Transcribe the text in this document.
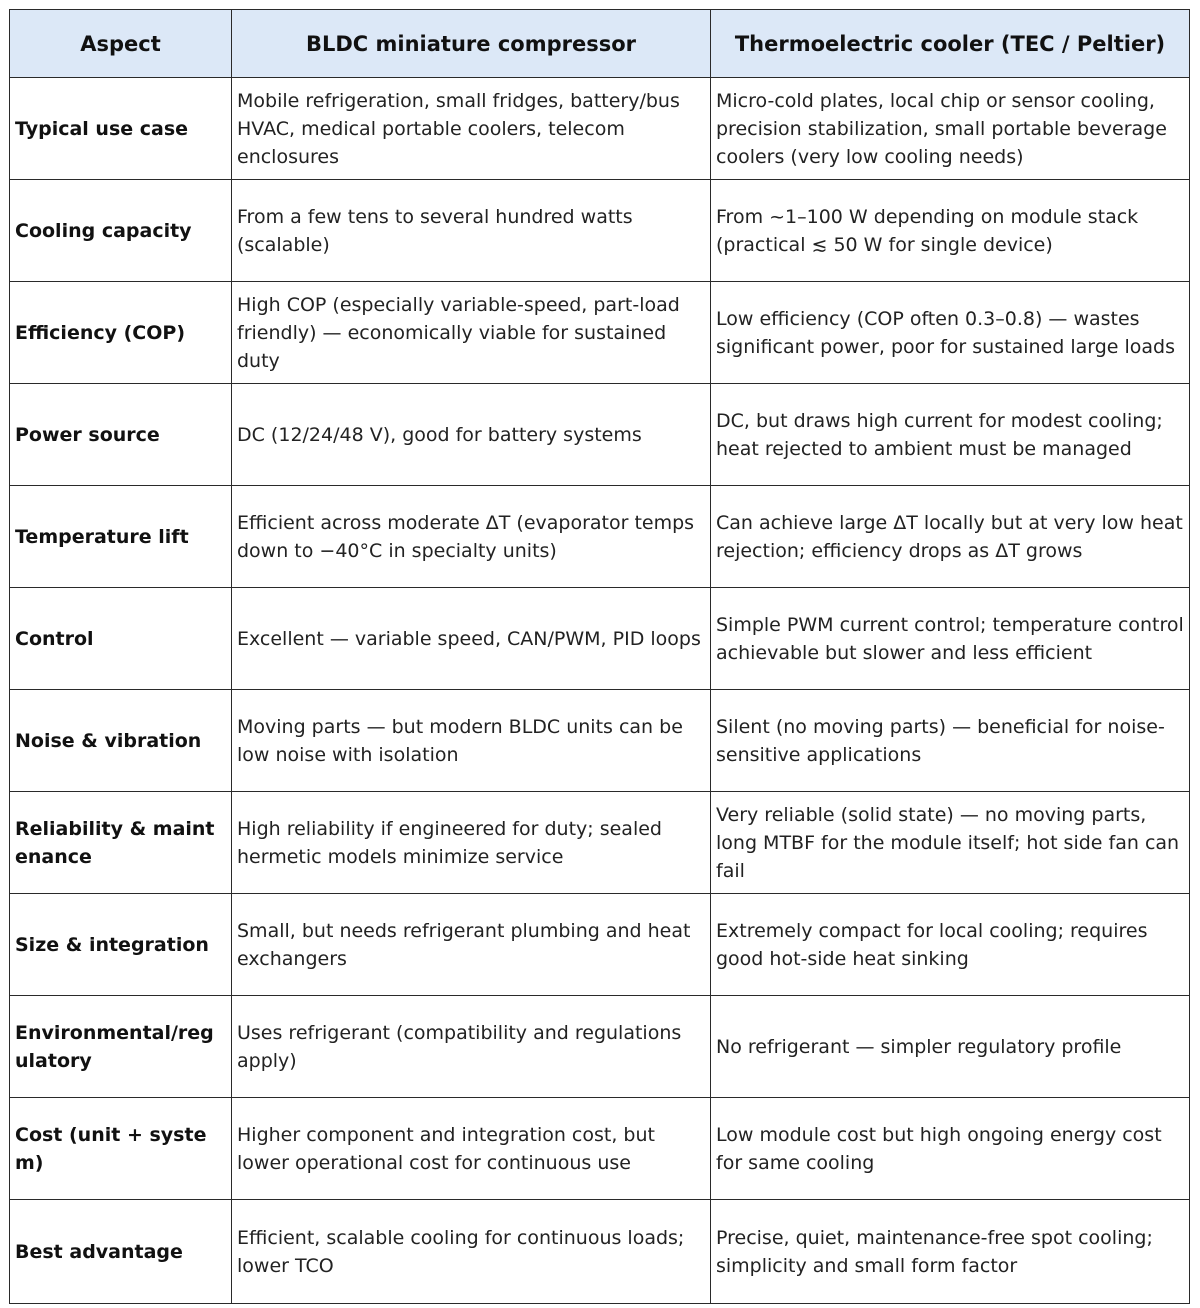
Aspect	BLDC miniature compressor	Thermoelectric cooler (TEC / Peltier)
Typical use case	Mobile refrigeration, small fridges, battery/bus HVAC, medical portable coolers, telecom enclosures	Micro-cold plates, local chip or sensor cooling, precision stabilization, small portable beverage coolers (very low cooling needs)
Cooling capacity	From a few tens to several hundred watts (scalable)	From ~1–100 W depending on module stack (practical ≲ 50 W for single device)
Efficiency (COP)	High COP (especially variable-speed, part-load friendly) — economically viable for sustained duty	Low efficiency (COP often 0.3–0.8) — wastes significant power, poor for sustained large loads
Power source	DC (12/24/48 V), good for battery systems	DC, but draws high current for modest cooling; heat rejected to ambient must be managed
Temperature lift	Efficient across moderate ΔT (evaporator temps down to −40°C in specialty units)	Can achieve large ΔT locally but at very low heat rejection; efficiency drops as ΔT grows
Control	Excellent — variable speed, CAN/PWM, PID loops	Simple PWM current control; temperature control achievable but slower and less efficient
Noise & vibration	Moving parts — but modern BLDC units can be low noise with isolation	Silent (no moving parts) — beneficial for noise-sensitive applications
Reliability & maintenance	High reliability if engineered for duty; sealed hermetic models minimize service	Very reliable (solid state) — no moving parts, long MTBF for the module itself; hot side fan can fail
Size & integration	Small, but needs refrigerant plumbing and heat exchangers	Extremely compact for local cooling; requires good hot-side heat sinking
Environmental/regulatory	Uses refrigerant (compatibility and regulations apply)	No refrigerant — simpler regulatory profile
Cost (unit + system)	Higher component and integration cost, but lower operational cost for continuous use	Low module cost but high ongoing energy cost for same cooling
Best advantage	Efficient, scalable cooling for continuous loads; lower TCO	Precise, quiet, maintenance-free spot cooling; simplicity and small form factor
